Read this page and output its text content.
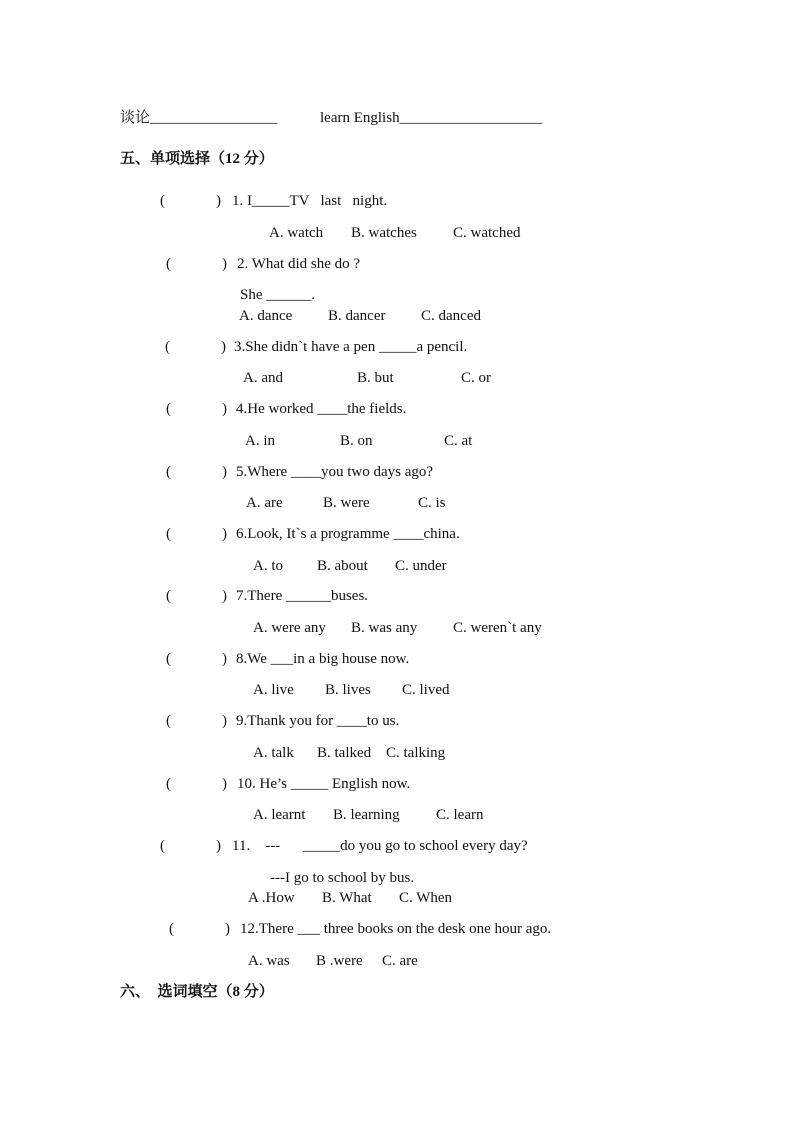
谈论_________________	learn English___________________
五、单项选择（12 分）
(	) 1. I_____TV   last   night.
A. watch B. watches C. watched
(	) 2. What did she do ?
She ______.
A. dance B. dancer C. danced
(	) 3.She didn`t have a pen _____a pencil.
A. and	B. but	C. or
(	) 4.He worked ____the fields.
A. in	B. on	C. at
(	) 5.Where ____you two days ago?
A. are	B. were	C. is
(	) 6.Look, It`s a programme ____china.
A. to B. about C. under
(	) 7.There ______buses.
A. were any B. was any C. weren`t any
(	) 8.We ___in a big house now.
A. live B. lives C. lived
(	) 9.Thank you for ____to us.
A. talk B. talked C. talking
(	) 10. He’s _____ English now.
A. learnt B. learning C. learn
(	) 11.    ---      _____do you go to school every day?
---I go to school by bus.
A .How B. What C. When
(	) 12.There ___ three books on the desk one hour ago.
A. was B .were C. are
六、  选词填空（8 分）
